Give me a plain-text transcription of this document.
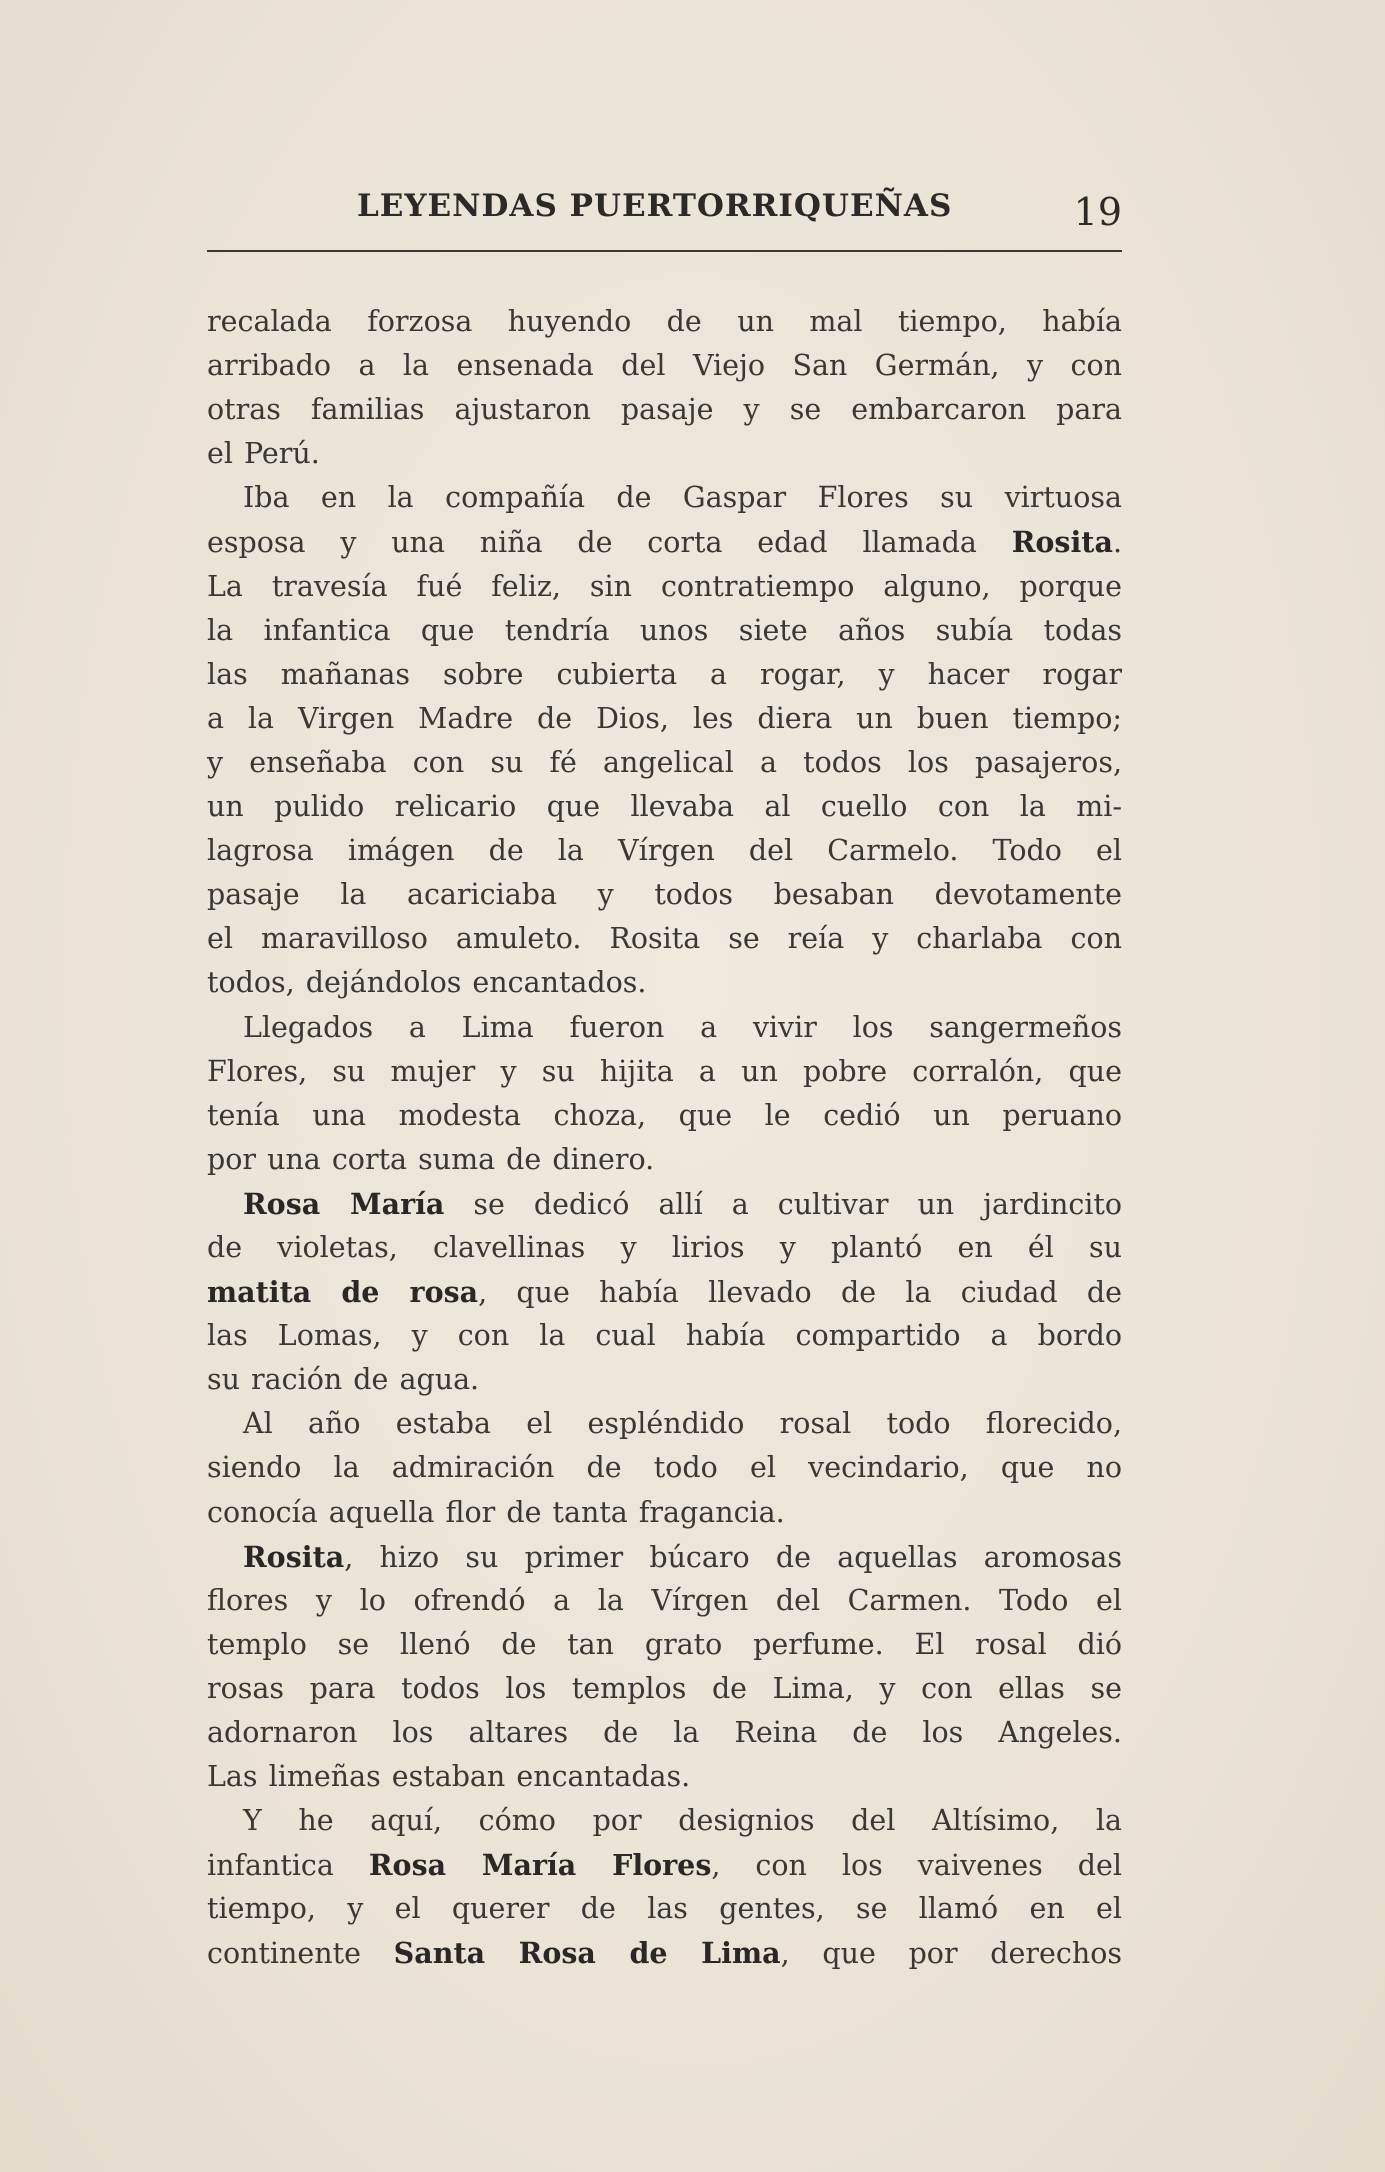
LEYENDAS PUERTORRIQUEÑAS	19
recalada forzosa huyendo de un mal tiempo, había
arribado a la ensenada del Viejo San Germán, y con
otras familias ajustaron pasaje y se embarcaron para
el Perú.
Iba en la compañía de Gaspar Flores su virtuosa
esposa y una niña de corta edad llamada Rosita.
La travesía fué feliz, sin contratiempo alguno, porque
la infantica que tendría unos siete años subía todas
las mañanas sobre cubierta a rogar, y hacer rogar
a la Virgen Madre de Dios, les diera un buen tiempo;
y enseñaba con su fé angelical a todos los pasajeros,
un pulido relicario que llevaba al cuello con la mi-
lagrosa imágen de la Vírgen del Carmelo. Todo el
pasaje la acariciaba y todos besaban devotamente
el maravilloso amuleto. Rosita se reía y charlaba con
todos, dejándolos encantados.
Llegados a Lima fueron a vivir los sangermeños
Flores, su mujer y su hijita a un pobre corralón, que
tenía una modesta choza, que le cedió un peruano
por una corta suma de dinero.
Rosa María se dedicó allí a cultivar un jardincito
de violetas, clavellinas y lirios y plantó en él su
matita de rosa, que había llevado de la ciudad de
las Lomas, y con la cual había compartido a bordo
su ración de agua.
Al año estaba el espléndido rosal todo florecido,
siendo la admiración de todo el vecindario, que no
conocía aquella flor de tanta fragancia.
Rosita, hizo su primer búcaro de aquellas aromosas
flores y lo ofrendó a la Vírgen del Carmen. Todo el
templo se llenó de tan grato perfume. El rosal dió
rosas para todos los templos de Lima, y con ellas se
adornaron los altares de la Reina de los Angeles.
Las limeñas estaban encantadas.
Y he aquí, cómo por designios del Altísimo, la
infantica Rosa María Flores, con los vaivenes del
tiempo, y el querer de las gentes, se llamó en el
continente Santa Rosa de Lima, que por derechos
